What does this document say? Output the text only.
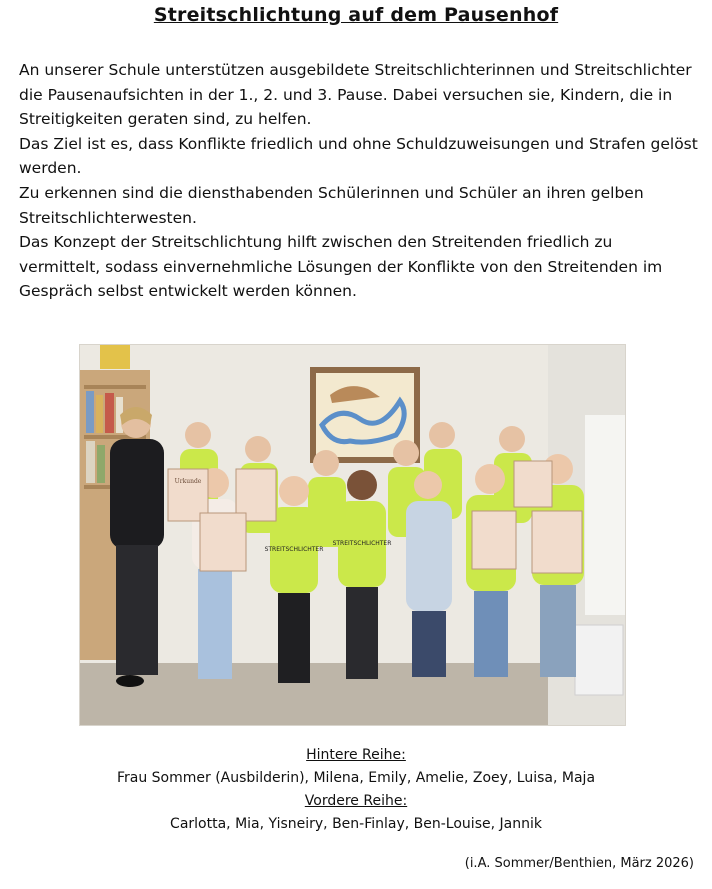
Streitschlichtung auf dem Pausenhof

An unserer Schule unterstützen ausgebildete Streitschlichterinnen und Streitschlichter die Pausenaufsichten in der 1., 2. und 3. Pause. Dabei versuchen sie, Kindern, die in Streitigkeiten geraten sind, zu helfen.

Das Ziel ist es, dass Konflikte friedlich und ohne Schuldzuweisungen und Strafen gelöst werden.

Zu erkennen sind die diensthabenden Schülerinnen und Schüler an ihren gelben Streitschlichterwesten.

Das Konzept der Streitschlichtung hilft zwischen den Streitenden friedlich zu vermittelt, sodass einvernehmliche Lösungen der Konflikte von den Streitenden im Gespräch selbst entwickelt werden können.

Urkunde
STREITSCHLICHTER
STREITSCHLICHTER
Hintere Reihe:
Frau Sommer (Ausbilderin), Milena, Emily, Amelie, Zoey, Luisa, Maja
Vordere Reihe:
Carlotta, Mia, Yisneiry, Ben-Finlay, Ben-Louise, Jannik
(i.A. Sommer/Benthien, März 2026)
